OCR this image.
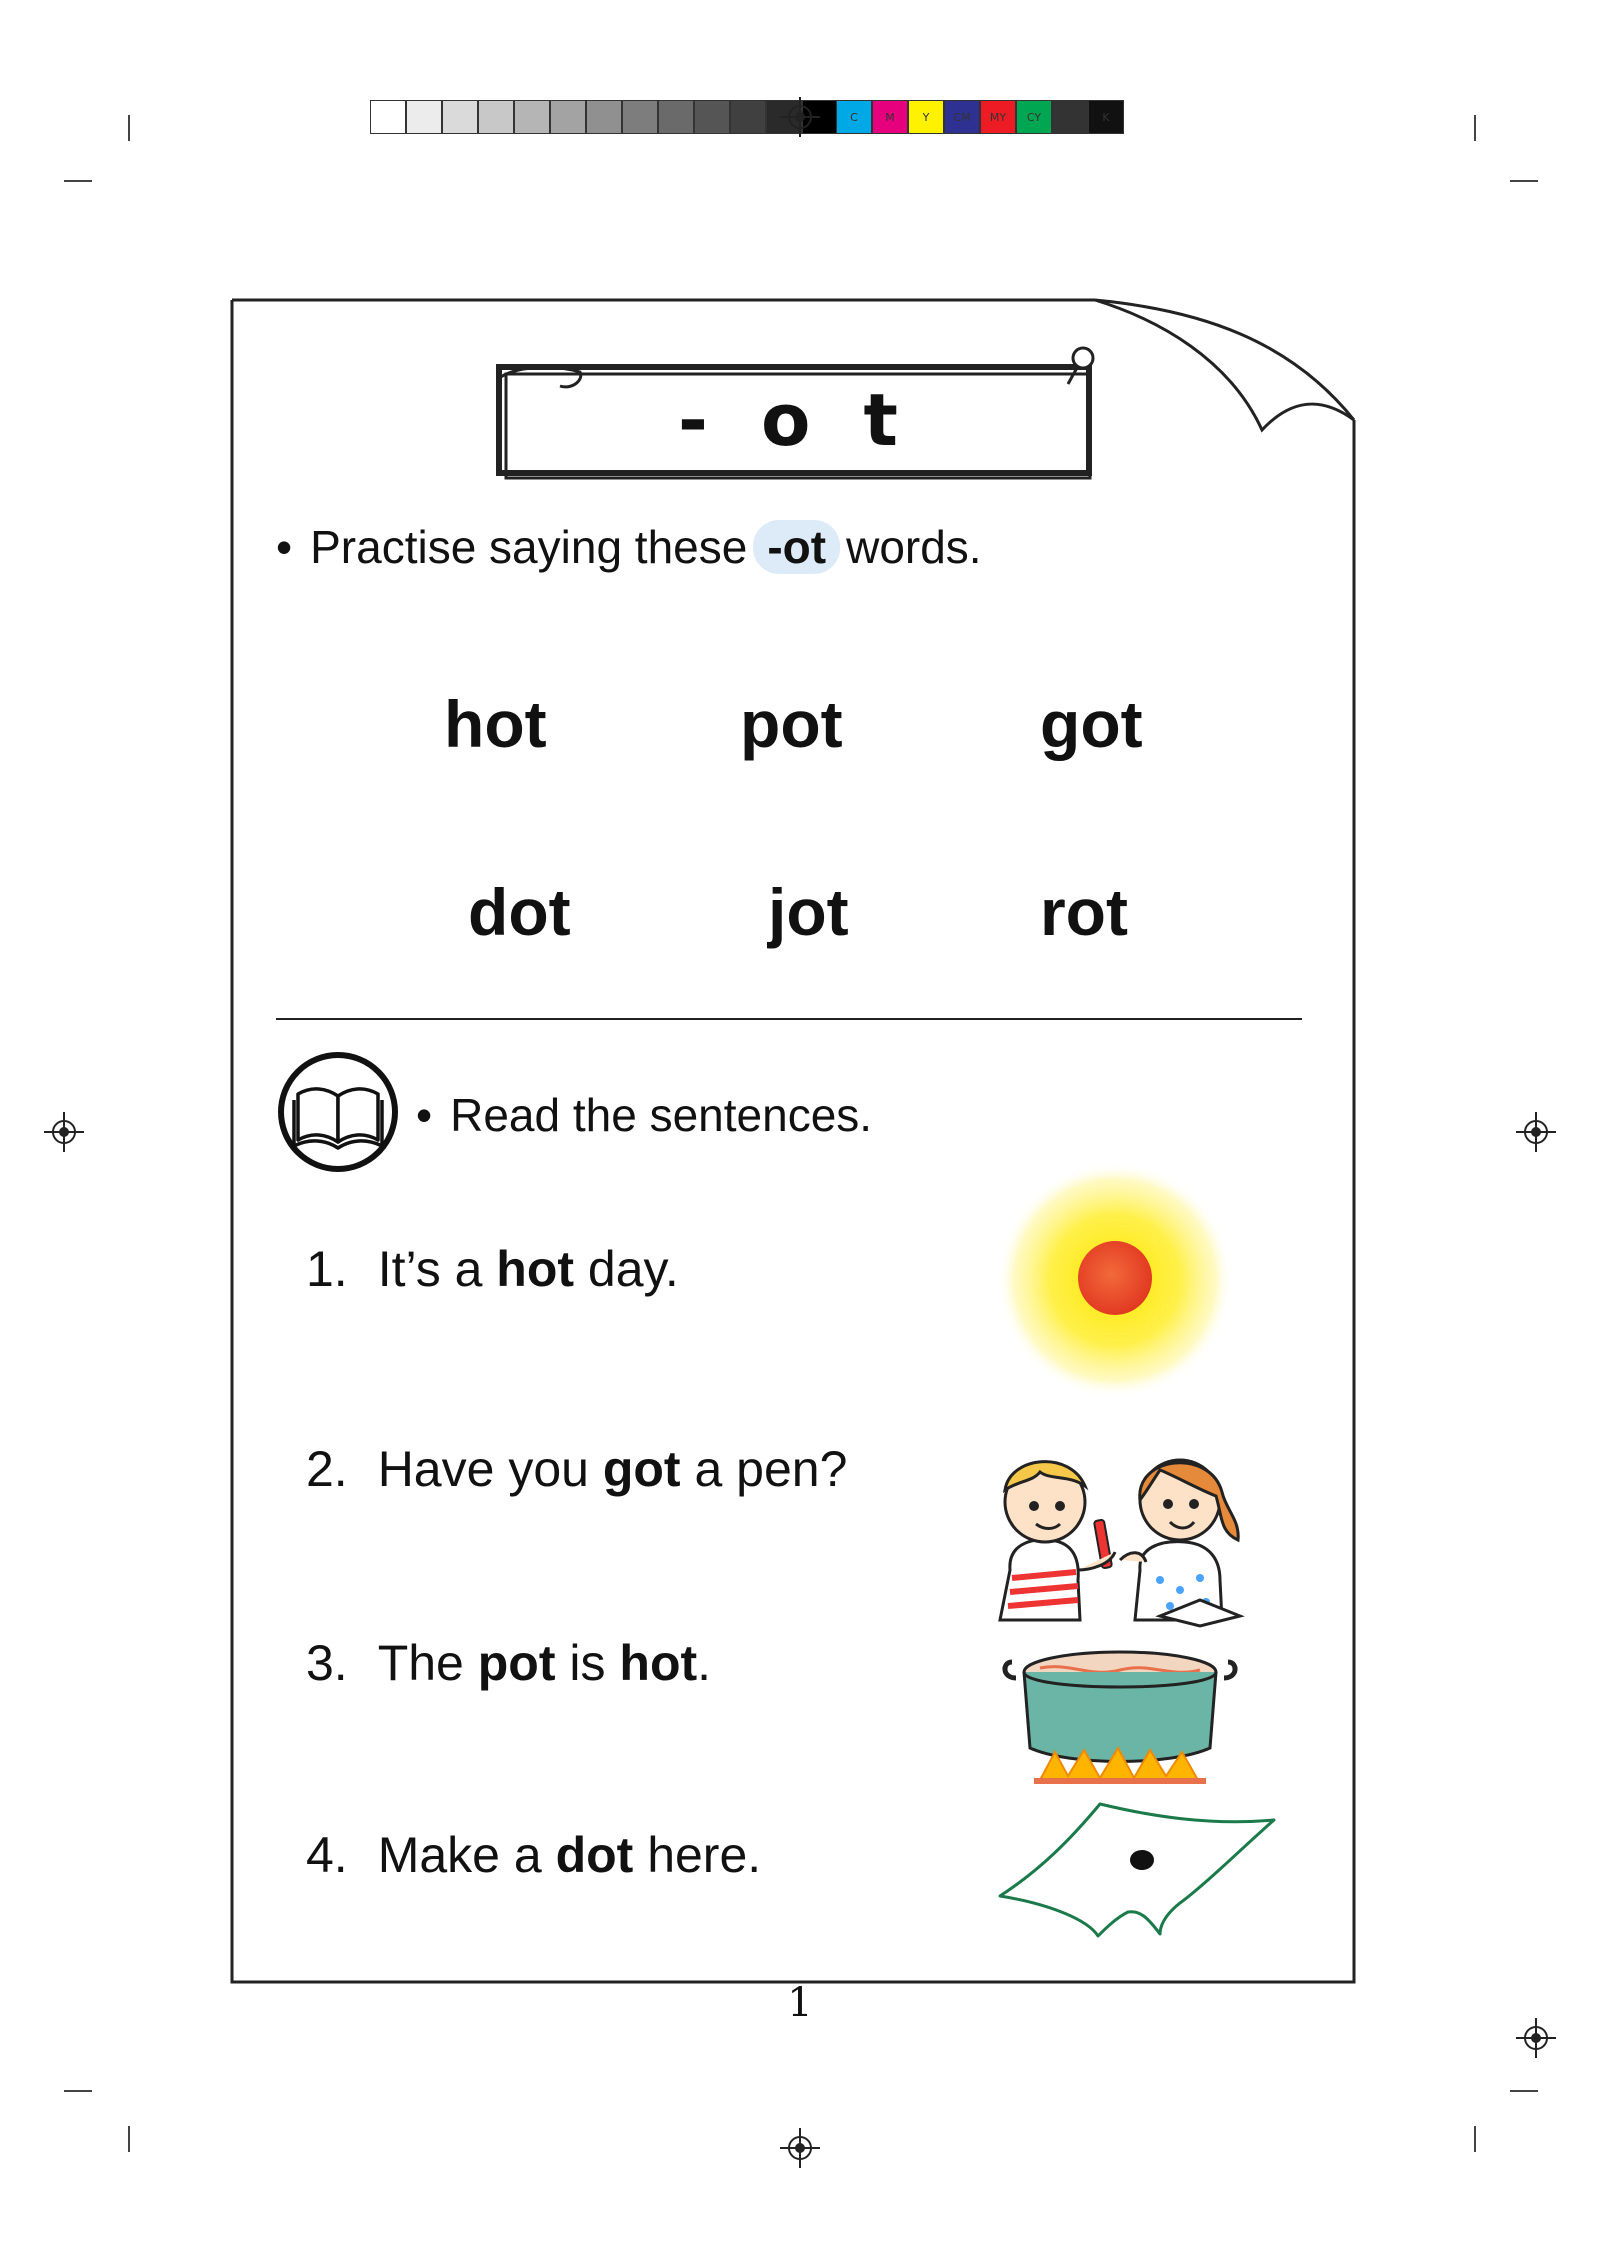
C	M	Y	CM	MY	CY	CMY	K
- o t
• Practise saying these -ot words.
hot	pot	got
dot	jot	rot
• Read the sentences.
1. It’s a hot day.
2. Have you got a pen?
3. The pot is hot.
4. Make a dot here.
1
